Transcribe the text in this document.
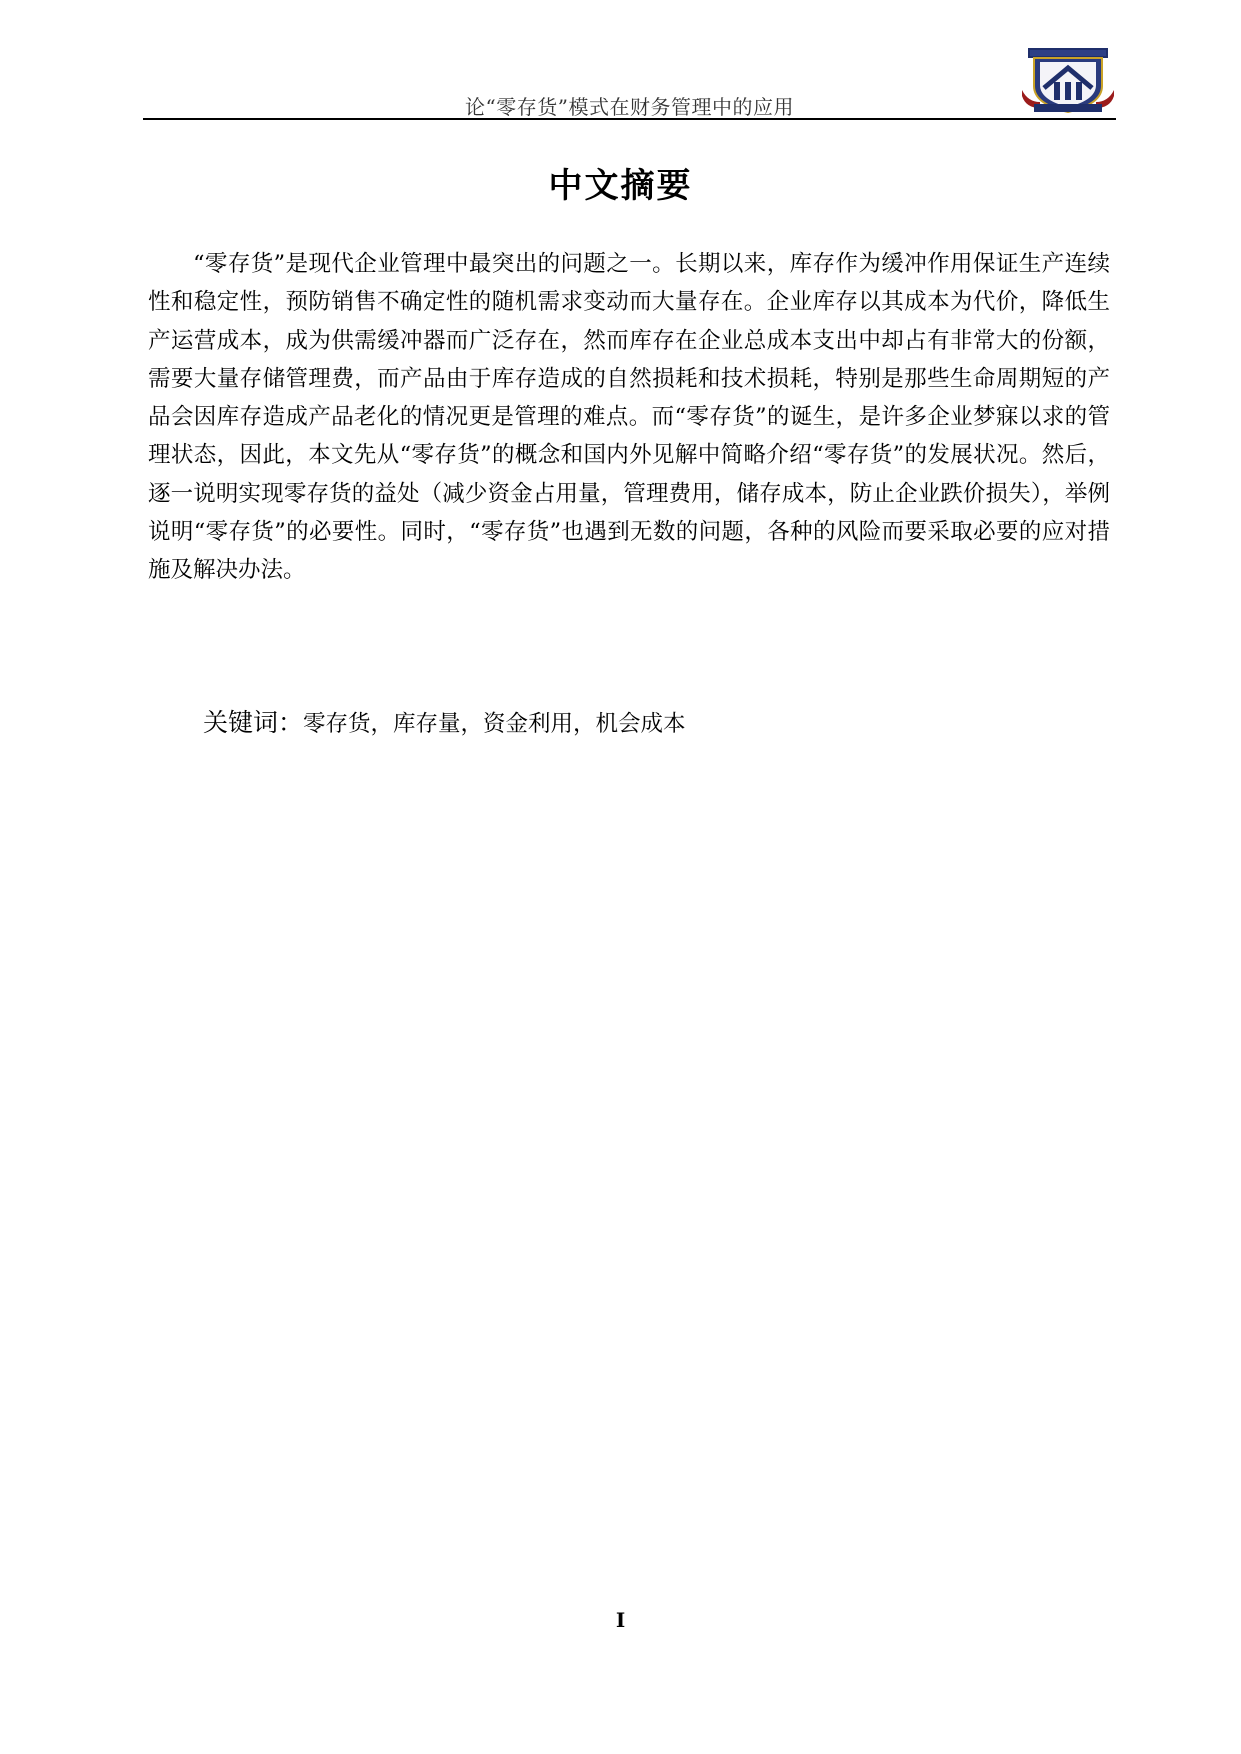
论“零存货”模式在财务管理中的应用
中文摘要

“零存货”是现代企业管理中最突出的问题之一。长期以来，库存作为缓冲作用保证生产连续性和稳定性，预防销售不确定性的随机需求变动而大量存在。企业库存以其成本为代价，降低生产运营成本，成为供需缓冲器而广泛存在，然而库存在企业总成本支出中却占有非常大的份额，需要大量存储管理费，而产品由于库存造成的自然损耗和技术损耗，特别是那些生命周期短的产品会因库存造成产品老化的情况更是管理的难点。而“零存货”的诞生，是许多企业梦寐以求的管理状态，因此，本文先从“零存货”的概念和国内外见解中简略介绍“零存货”的发展状况。然后，逐一说明实现零存货的益处（减少资金占用量，管理费用，储存成本，防止企业跌价损失），举例说明“零存货”的必要性。同时，“零存货”也遇到无数的问题，各种的风险而要采取必要的应对措施及解决办法。

关键词：零存货，库存量，资金利用，机会成本
I
